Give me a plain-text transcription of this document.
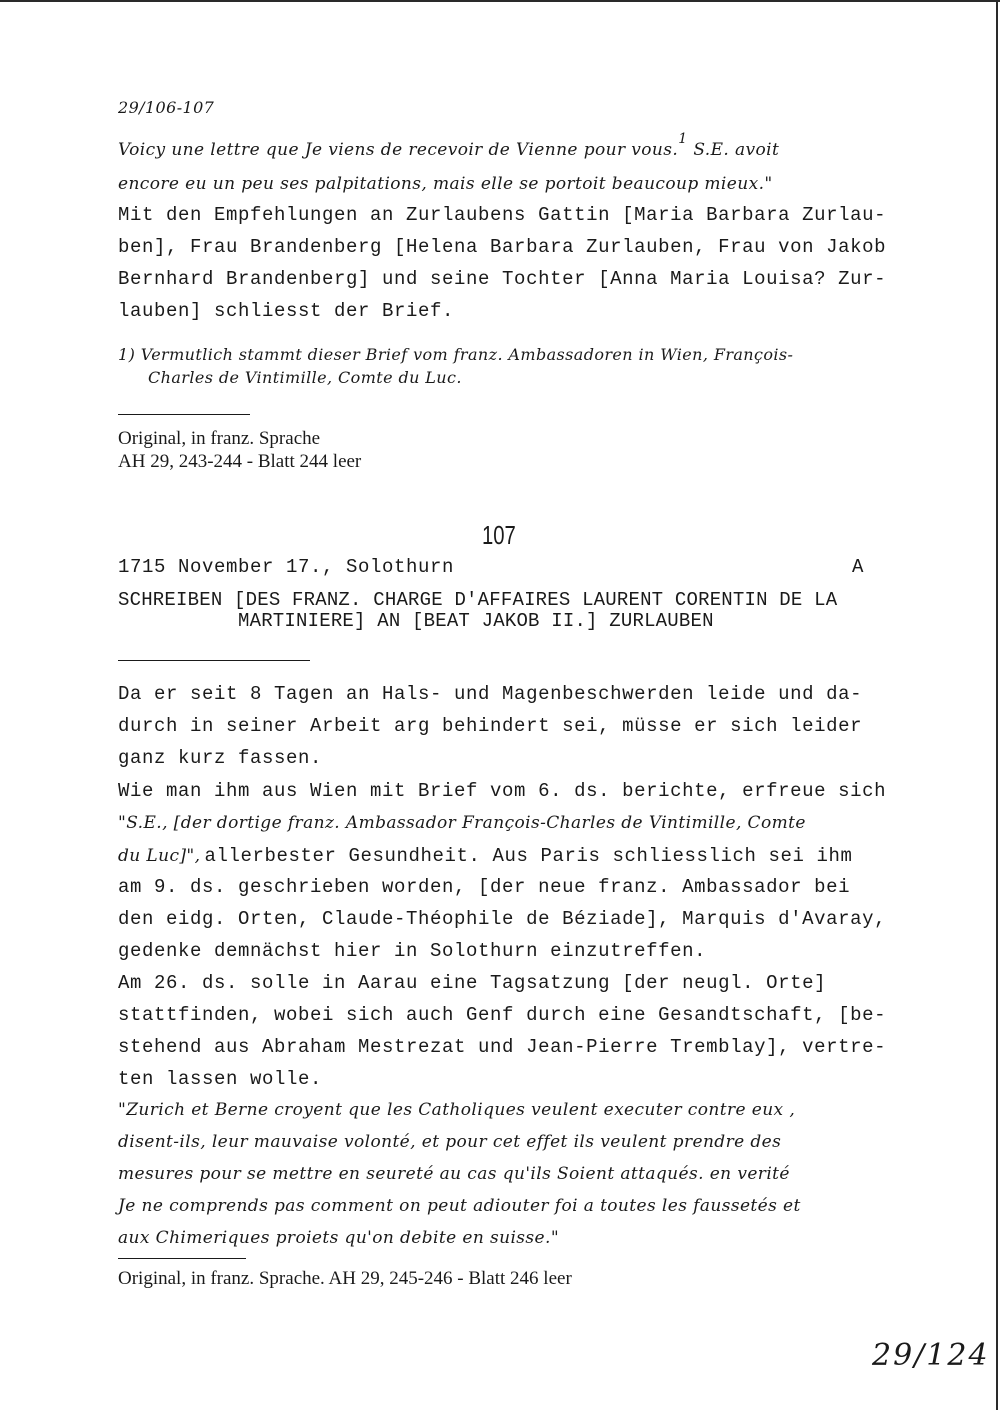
29/106-107
Voicy une lettre que Je viens de recevoir de Vienne pour vous.$^1$ S.E. avoit
encore eu un peu ses palpitations, mais elle se portoit beaucoup mieux."
Mit den Empfehlungen an Zurlaubens Gattin [Maria Barbara Zurlau-
ben], Frau Brandenberg [Helena Barbara Zurlauben, Frau von Jakob
Bernhard Brandenberg] und seine Tochter [Anna Maria Louisa? Zur-
lauben] schliesst der Brief.
1) Vermutlich stammt dieser Brief vom franz. Ambassadoren in Wien, François-
Charles de Vintimille, Comte du Luc.
Original, in franz. Sprache
AH 29, 243-244 - Blatt 244 leer
107
1715 November 17., Solothurn	A
SCHREIBEN [DES FRANZ. CHARGE D'AFFAIRES LAURENT CORENTIN DE LA
MARTINIERE] AN [BEAT JAKOB II.] ZURLAUBEN
Da er seit 8 Tagen an Hals- und Magenbeschwerden leide und da-
durch in seiner Arbeit arg behindert sei, müsse er sich leider
ganz kurz fassen.
Wie man ihm aus Wien mit Brief vom 6. ds. berichte, erfreue sich
"S.E., [der dortige franz. Ambassador François-Charles de Vintimille, Comte
du Luc]", allerbester Gesundheit. Aus Paris schliesslich sei ihm
am 9. ds. geschrieben worden, [der neue franz. Ambassador bei
den eidg. Orten, Claude-Théophile de Béziade], Marquis d'Avaray,
gedenke demnächst hier in Solothurn einzutreffen.
Am 26. ds. solle in Aarau eine Tagsatzung [der neugl. Orte]
stattfinden, wobei sich auch Genf durch eine Gesandtschaft, [be-
stehend aus Abraham Mestrezat und Jean-Pierre Tremblay], vertre-
ten lassen wolle.
"Zurich et Berne croyent que les Catholiques veulent executer contre eux ,
disent-ils, leur mauvaise volonté, et pour cet effet ils veulent prendre des
mesures pour se mettre en seureté au cas qu'ils Soient attaqués. en verité
Je ne comprends pas comment on peut adiouter foi a toutes les faussetés et
aux Chimeriques proiets qu'on debite en suisse."
Original, in franz. Sprache. AH 29, 245-246 - Blatt 246 leer
29/124
